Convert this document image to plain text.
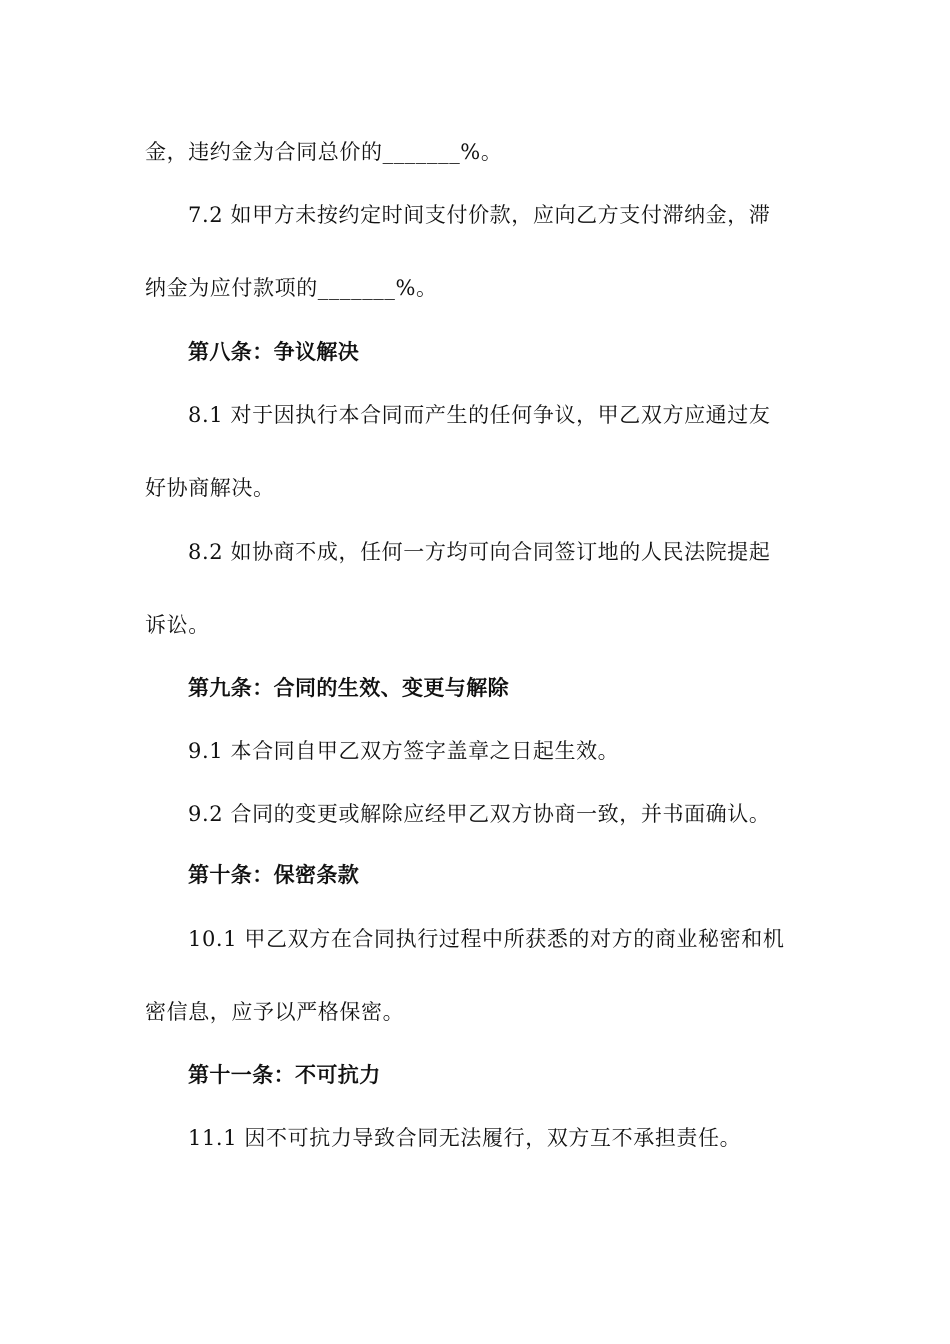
金，违约金为合同总价的_______%。
7.2 如甲方未按约定时间支付价款，应向乙方支付滞纳金，滞
纳金为应付款项的_______%。
第八条：争议解决
8.1 对于因执行本合同而产生的任何争议，甲乙双方应通过友
好协商解决。
8.2 如协商不成，任何一方均可向合同签订地的人民法院提起
诉讼。
第九条：合同的生效、变更与解除
9.1 本合同自甲乙双方签字盖章之日起生效。
9.2 合同的变更或解除应经甲乙双方协商一致，并书面确认。
第十条：保密条款
10.1 甲乙双方在合同执行过程中所获悉的对方的商业秘密和机
密信息，应予以严格保密。
第十一条：不可抗力
11.1 因不可抗力导致合同无法履行，双方互不承担责任。
